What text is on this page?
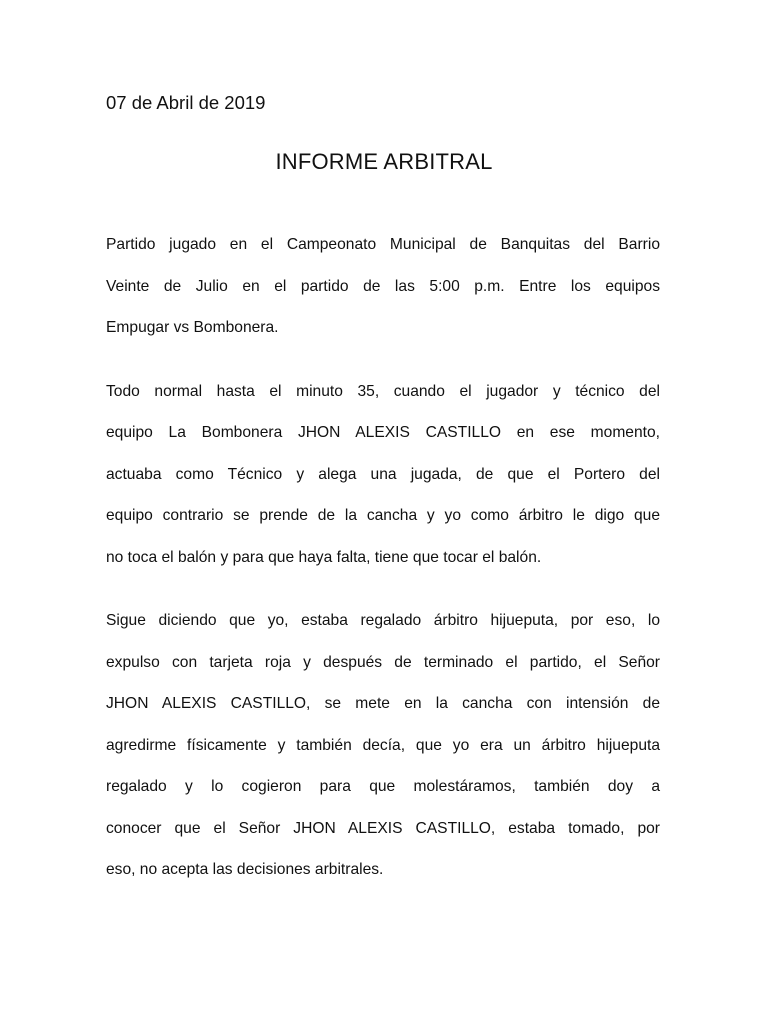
07 de Abril de 2019

INFORME ARBITRAL

Partido jugado en el Campeonato Municipal de Banquitas del Barrio
Veinte de Julio en el partido de las 5:00 p.m. Entre los equipos
Empugar vs Bombonera.

Todo normal hasta el minuto 35, cuando el jugador y técnico del
equipo La Bombonera JHON ALEXIS CASTILLO en ese momento,
actuaba como Técnico y alega una jugada, de que el Portero del
equipo contrario se prende de la cancha y yo como árbitro le digo que
no toca el balón y para que haya falta, tiene que tocar el balón.

Sigue diciendo que yo, estaba regalado árbitro hijueputa, por eso, lo
expulso con tarjeta roja y después de terminado el partido, el Señor
JHON ALEXIS CASTILLO, se mete en la cancha con intensión de
agredirme físicamente y también decía, que yo era un árbitro hijueputa
regalado y lo cogieron para que molestáramos, también doy a
conocer que el Señor JHON ALEXIS CASTILLO, estaba tomado, por
eso, no acepta las decisiones arbitrales.
